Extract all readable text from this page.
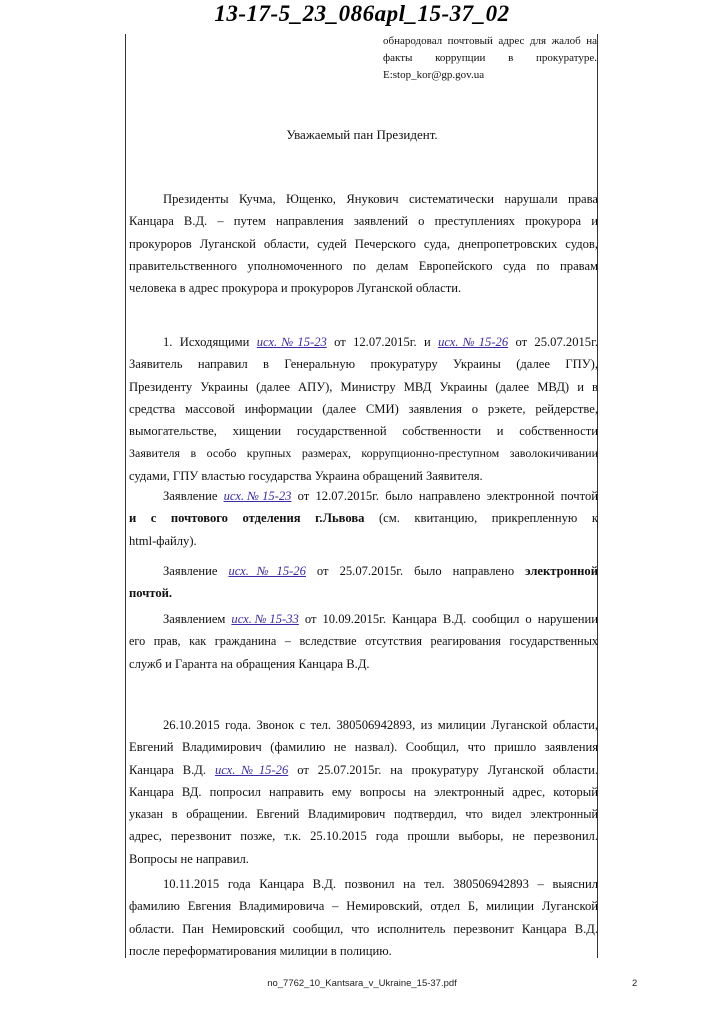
13-17-5_23_086apl_15-37_02
обнародовал почтовый адрес для жалоб на
факты коррупции в прокуратуре.
E:stop_kor@gp.gov.ua
Уважаемый пан Президент.
Президенты Кучма, Ющенко, Янукович систематически нарушали права
Канцара В.Д. – путем направления заявлений о преступлениях прокурора и
прокуроров Луганской области, судей Печерского суда, днепропетровских судов,
правительственного уполномоченного по делам Европейского суда по правам
человека в адрес прокурора и прокуроров Луганской области.
1. Исходящими исх.№15-23 от 12.07.2015г. и исх.№15-26 от 25.07.2015г.
Заявитель направил в Генеральную прокуратуру Украины (далее ГПУ),
Президенту Украины (далее АПУ), Министру МВД Украины (далее МВД) и в
средства массовой информации (далее СМИ) заявления о рэкете, рейдерстве,
вымогательстве, хищении государственной собственности и собственности
Заявителя в особо крупных размерах, коррупционно-преступном заволокичивании
судами, ГПУ властью государства Украина обращений Заявителя.
Заявление исх.№15-23 от 12.07.2015г. было направлено электронной почтой
и с почтового отделения г.Львова (см. квитанцию, прикрепленную к
html-файлу).
Заявление исх.№15-26 от 25.07.2015г. было направлено электронной
почтой.
Заявлением исх.№15-33 от 10.09.2015г. Канцара В.Д. сообщил о нарушении
его прав, как гражданина – вследствие отсутствия реагирования государственных
служб и Гаранта на обращения Канцара В.Д.
26.10.2015 года. Звонок с тел. 380506942893, из милиции Луганской области,
Евгений Владимирович (фамилию не назвал). Сообщил, что пришло заявления
Канцара В.Д. исх.№15-26 от 25.07.2015г. на прокуратуру Луганской области.
Канцара ВД. попросил направить ему вопросы на электронный адрес, который
указан в обращении. Евгений Владимирович подтвердил, что видел электронный
адрес, перезвонит позже, т.к. 25.10.2015 года прошли выборы, не перезвонил.
Вопросы не направил.
10.11.2015 года Канцара В.Д. позвонил на тел. 380506942893 – выяснил
фамилию Евгения Владимировича – Немировский, отдел Б, милиции Луганской
области. Пан Немировский сообщил, что исполнитель перезвонит Канцара В.Д.
после переформатирования милиции в полицию.
no_7762_10_Kantsara_v_Ukraine_15-37.pdf	2
